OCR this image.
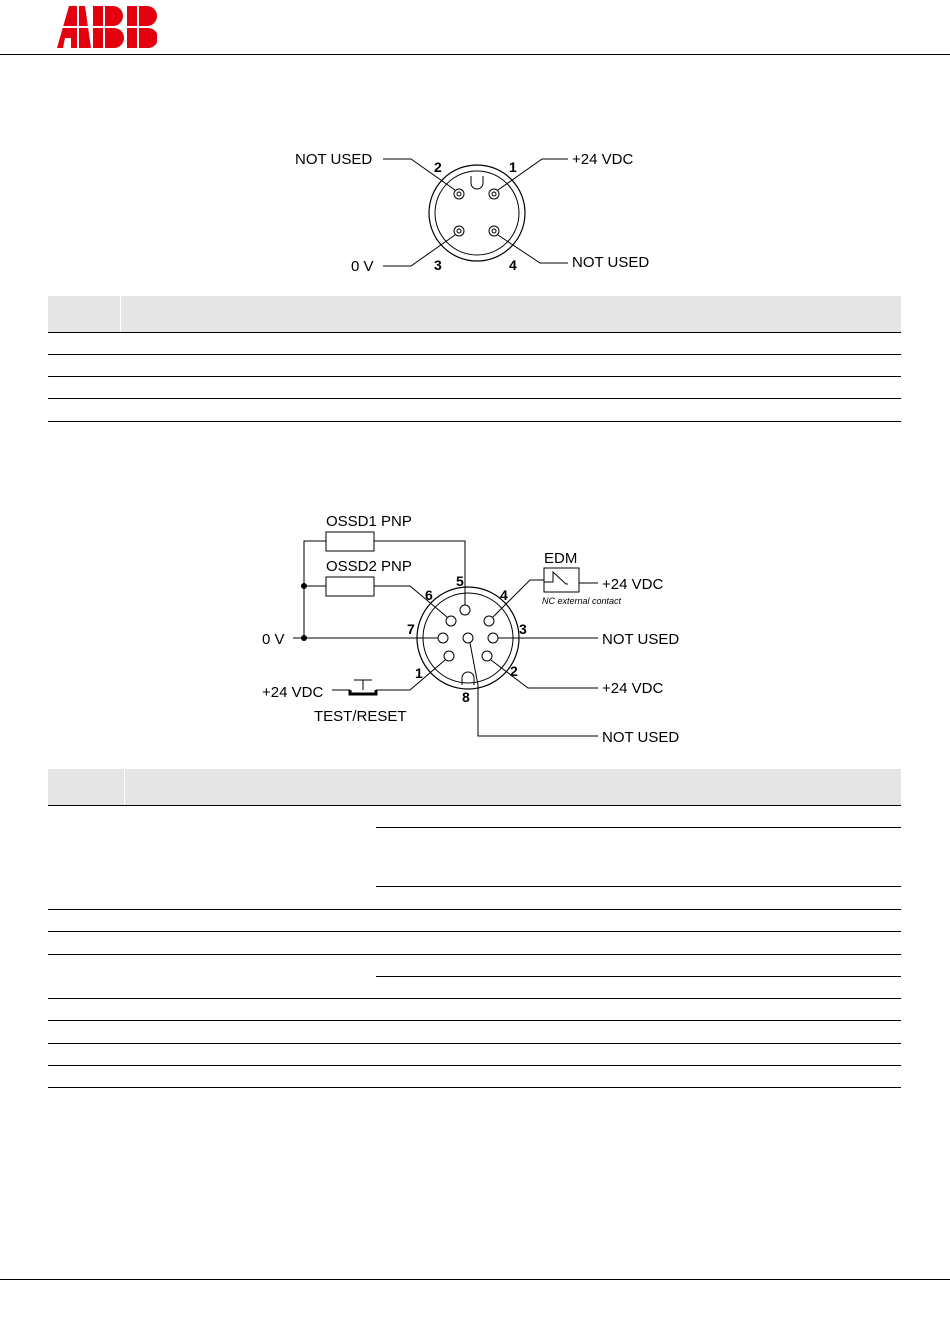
2	1
3	4
NOT USED	+24 VDC
0 V	NOT USED
1	2
3
4
5
6
7
8
OSSD1 PNP
OSSD2 PNP	EDM
+24 VDC
NC external contact
0 V	NOT USED
+24 VDC
NOT USED
+24 VDC
TEST/RESET
